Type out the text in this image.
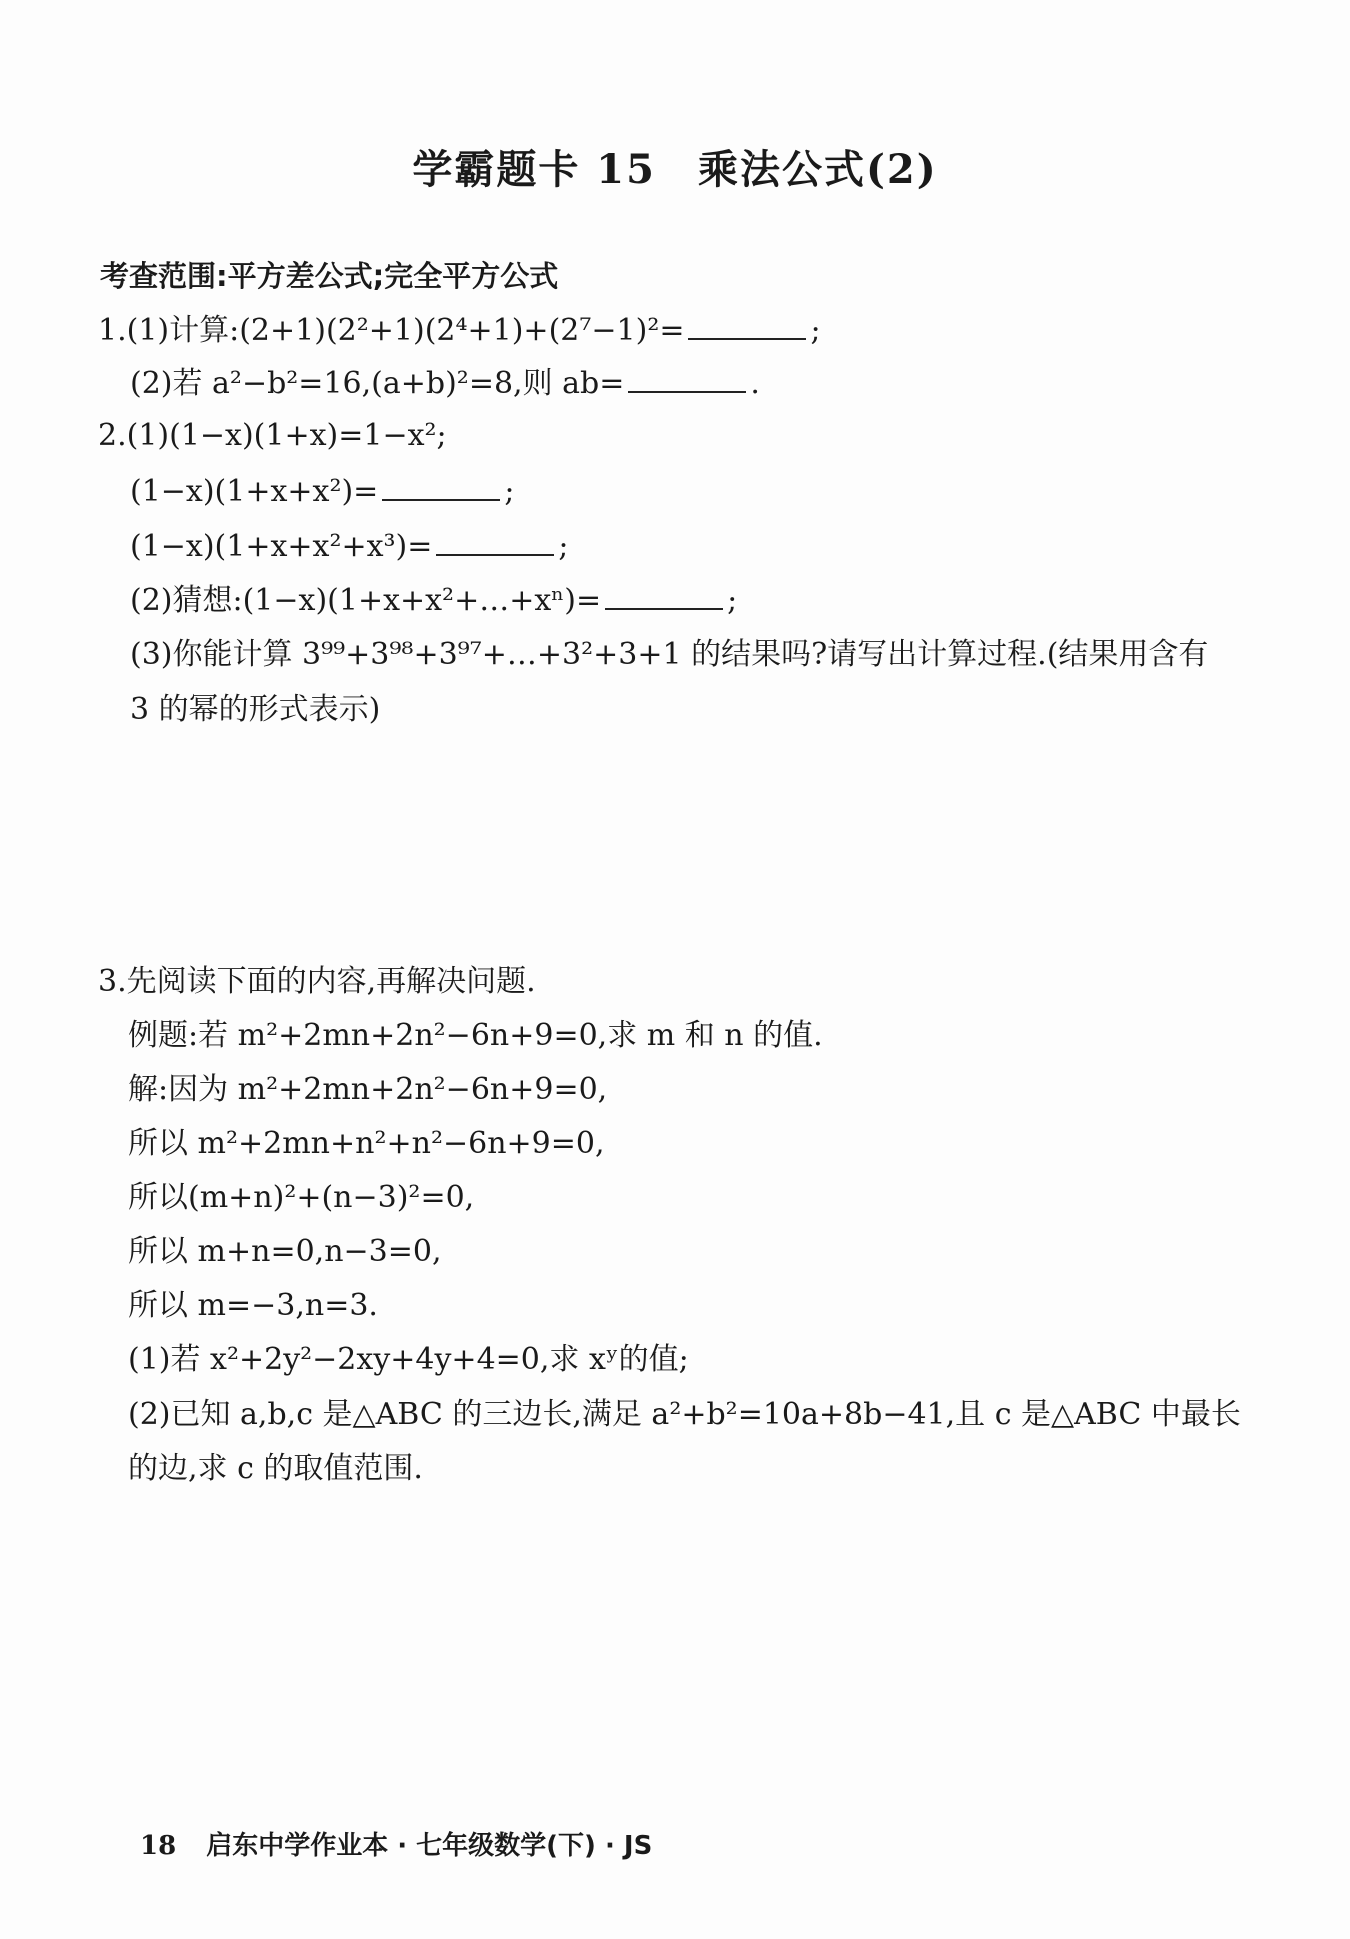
学霸题卡 15　乘法公式(2)
考查范围:平方差公式;完全平方公式
1.(1)计算:(2+1)(2²+1)(2⁴+1)+(2⁷−1)²=	;
(2)若 a²−b²=16,(a+b)²=8,则 ab=	.
2.(1)(1−x)(1+x)=1−x²;
(1−x)(1+x+x²)=	;
(1−x)(1+x+x²+x³)=	;
(2)猜想:(1−x)(1+x+x²+…+xⁿ)=	;
(3)你能计算 3⁹⁹+3⁹⁸+3⁹⁷+…+3²+3+1 的结果吗?请写出计算过程.(结果用含有
3 的幂的形式表示)
3.先阅读下面的内容,再解决问题.
例题:若 m²+2mn+2n²−6n+9=0,求 m 和 n 的值.
解:因为 m²+2mn+2n²−6n+9=0,
所以 m²+2mn+n²+n²−6n+9=0,
所以(m+n)²+(n−3)²=0,
所以 m+n=0,n−3=0,
所以 m=−3,n=3.
(1)若 x²+2y²−2xy+4y+4=0,求 xʸ的值;
(2)已知 a,b,c 是△ABC 的三边长,满足 a²+b²=10a+8b−41,且 c 是△ABC 中最长
的边,求 c 的取值范围.
18 启东中学作业本 · 七年级数学(下) · JS
